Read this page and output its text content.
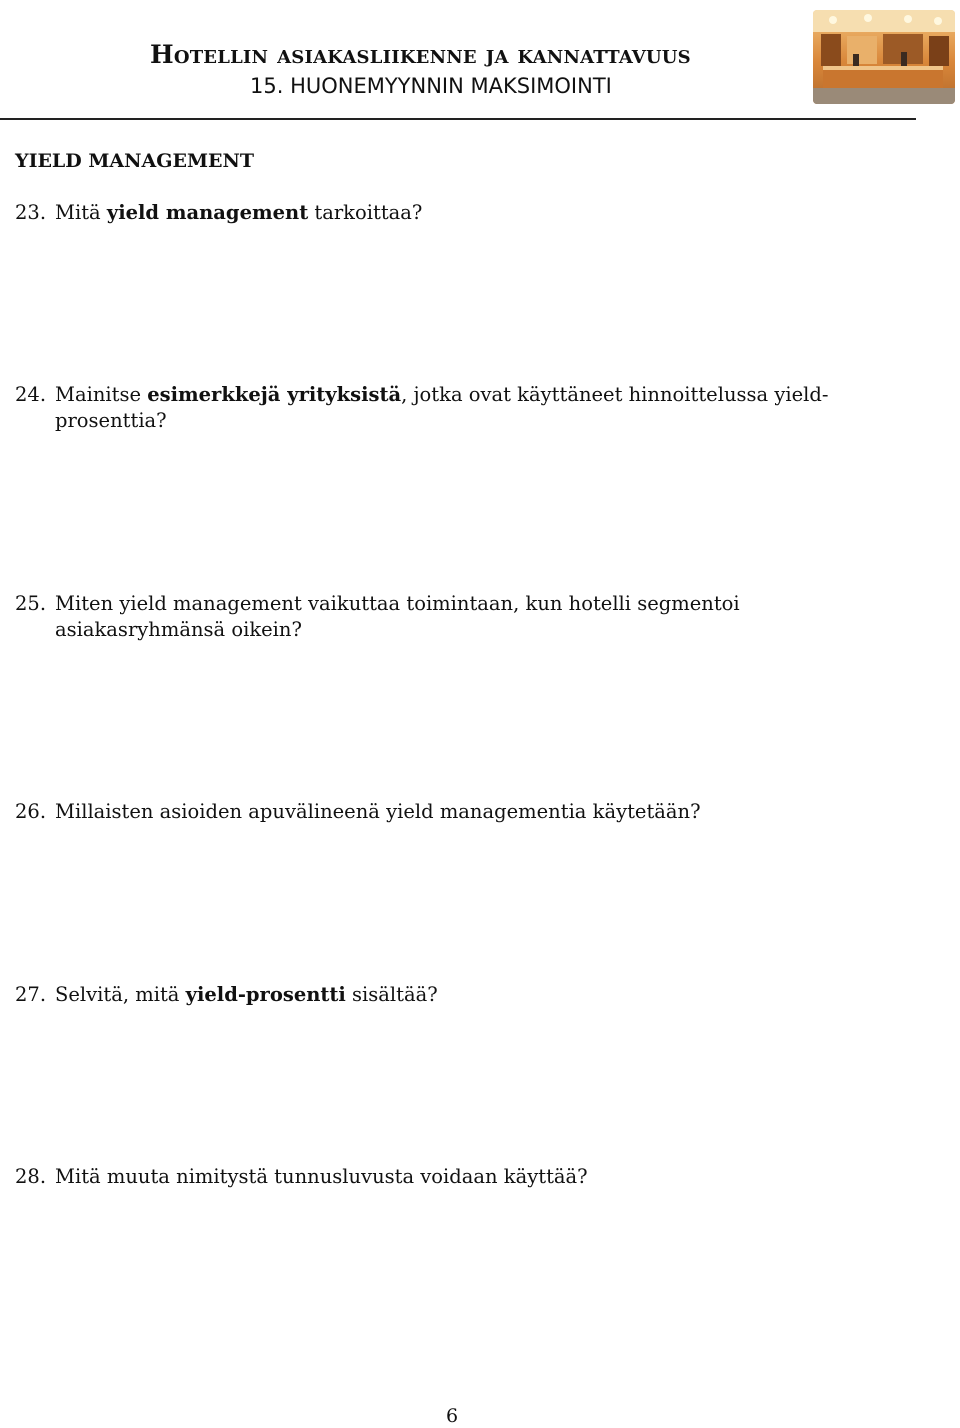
Hotellin asiakasliikenne ja kannattavuus
15. HUONEMYYNNIN MAKSIMOINTI
YIELD MANAGEMENT
23. Mitä yield management tarkoittaa?
24. Mainitse esimerkkejä yrityksistä, jotka ovat käyttäneet hinnoittelussa yield-
prosenttia?
25. Miten yield management vaikuttaa toimintaan, kun hotelli segmentoi
asiakasryhmänsä oikein?
26. Millaisten asioiden apuvälineenä yield managementia käytetään?
27. Selvitä, mitä yield-prosentti sisältää?
28. Mitä muuta nimitystä tunnusluvusta voidaan käyttää?
6
